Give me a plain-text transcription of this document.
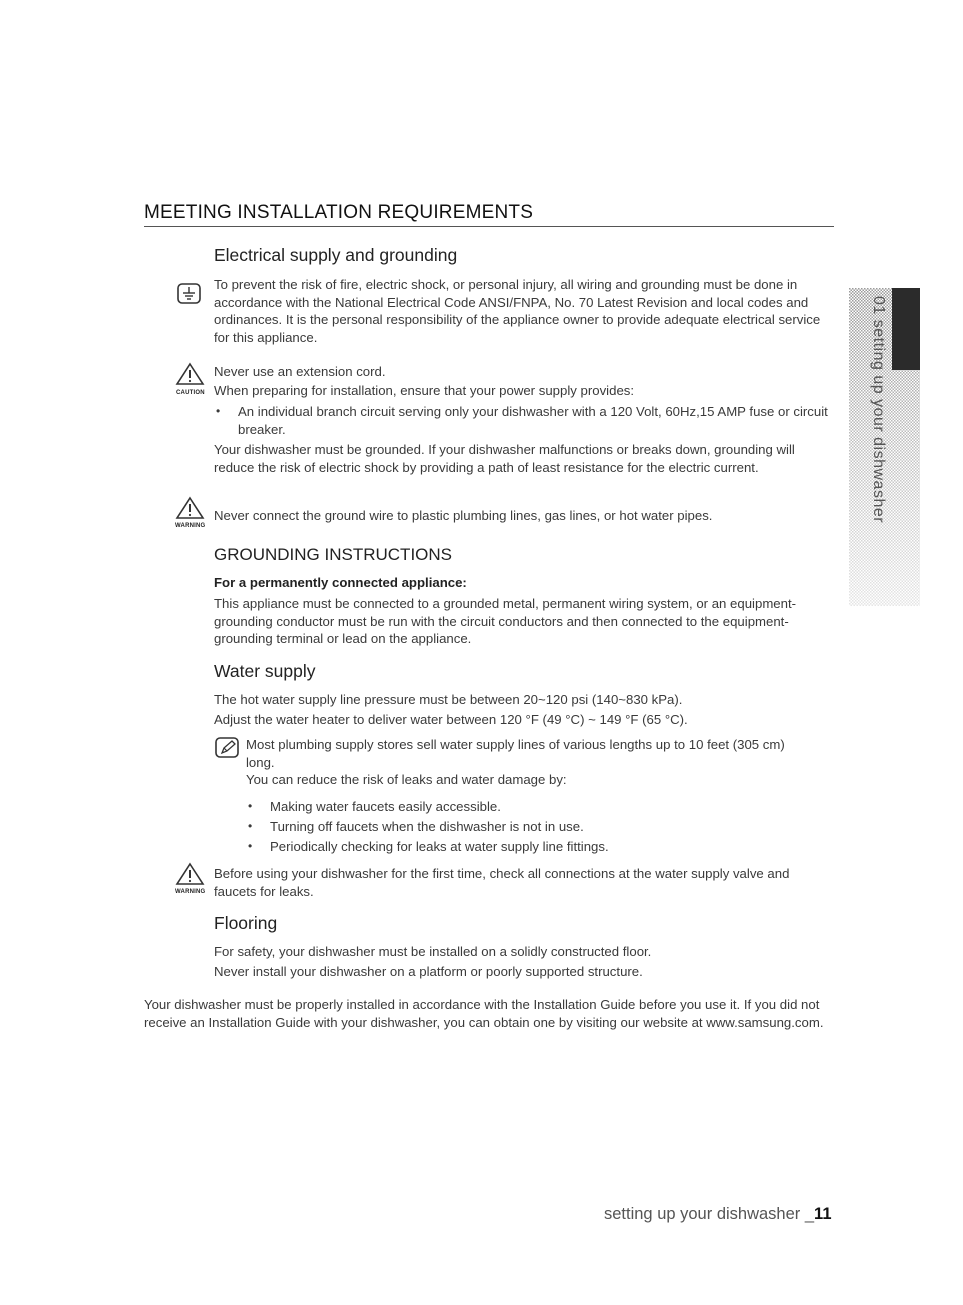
MEETING INSTALLATION REQUIREMENTS
Electrical supply and grounding
To prevent the risk of fire, electric shock, or personal injury, all wiring and grounding must be done in accordance with the National Electrical Code ANSI/FNPA, No. 70 Latest Revision and local codes and ordinances. It is the personal responsibility of the appliance owner to provide adequate electrical service for this appliance.
CAUTION
Never use an extension cord.
When preparing for installation, ensure that your power supply provides:
• An individual branch circuit serving only your dishwasher with a 120 Volt, 60Hz,15 AMP fuse or circuit breaker.
Your dishwasher must be grounded. If your dishwasher malfunctions or breaks down, grounding will reduce the risk of electric shock by providing a path of least resistance for the electric current.
WARNING
Never connect the ground wire to plastic plumbing lines, gas lines, or hot water pipes.
GROUNDING INSTRUCTIONS
For a permanently connected appliance:
This appliance must be connected to a grounded metal, permanent wiring system, or an equipment-grounding conductor must be run with the circuit conductors and then connected to the equipment-grounding terminal or lead on the appliance.
Water supply
The hot water supply line pressure must be between 20~120 psi (140~830 kPa).
Adjust the water heater to deliver water between 120 °F (49 °C) ~ 149 °F (65 °C).
Most plumbing supply stores sell water supply lines of various lengths up to 10 feet (305 cm) long.
You can reduce the risk of leaks and water damage by:
• Making water faucets easily accessible.
• Turning off faucets when the dishwasher is not in use.
• Periodically checking for leaks at water supply line fittings.
WARNING
Before using your dishwasher for the first time, check all connections at the water supply valve and faucets for leaks.
Flooring
For safety, your dishwasher must be installed on a solidly constructed floor.
Never install your dishwasher on a platform or poorly supported structure.
Your dishwasher must be properly installed in accordance with the Installation Guide before you use it. If you did not receive an Installation Guide with your dishwasher, you can obtain one by visiting our website at www.samsung.com.
01 setting up your dishwasher
setting up your dishwasher _11
